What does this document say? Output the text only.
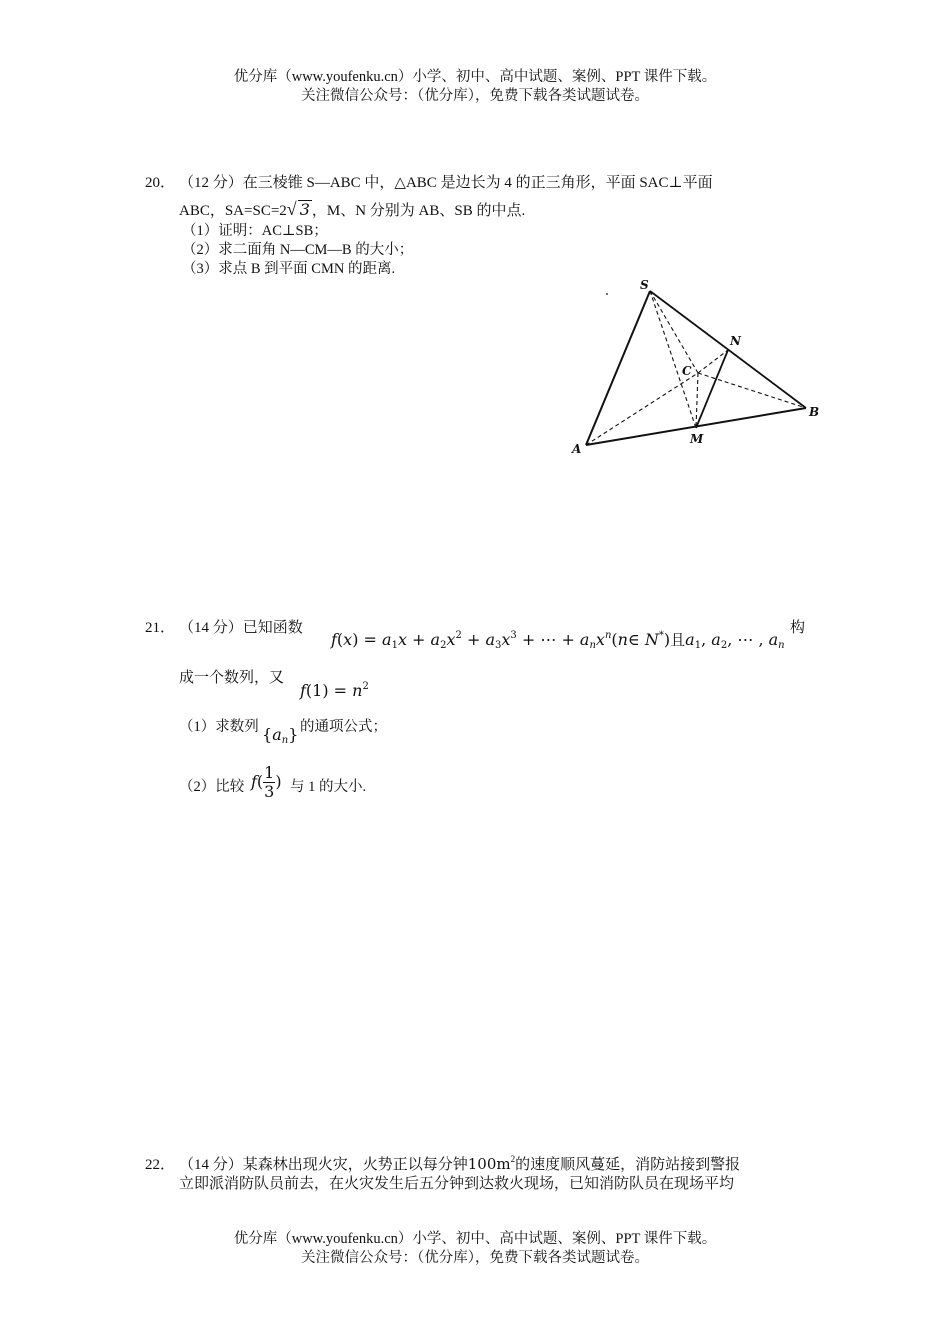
优分库（www.youfenku.cn）小学、初中、高中试题、案例、PPT 课件下载。
关注微信公众号：（优分库），免费下载各类试题试卷。
20． （12 分）在三棱锥 S—ABC 中，△ABC 是边长为 4 的正三角形，平面 SAC⊥平面
ABC，SA=SC=2√ 3 ，M、N 分别为 AB、SB 的中点.
（1）证明：AC⊥SB；
（2）求二面角 N—CM—B 的大小；
（3）求点 B 到平面 CMN 的距离.
S
N
C
B
M
A
21． （14 分）已知函数
$f(x) = a_1x + a_2x^2 + a_3x^3$ + ⋯ + $a_nx^n(n\in$ N*)且$a_1$, $a_2$, ⋯ , $a_n$
构
成一个数列，又
$f(1) = n^2$
（1）求数列 $\{a_n\}$ 的通项公式；
（2）比较 $f( \frac{1}{3}$ ) 与 1 的大小.
22． （14 分）某森林出现火灾，火势正以每分钟$100m^2$的速度顺风蔓延，消防站接到警报
立即派消防队员前去，在火灾发生后五分钟到达救火现场，已知消防队员在现场平均
优分库（www.youfenku.cn）小学、初中、高中试题、案例、PPT 课件下载。
关注微信公众号：（优分库），免费下载各类试题试卷。
